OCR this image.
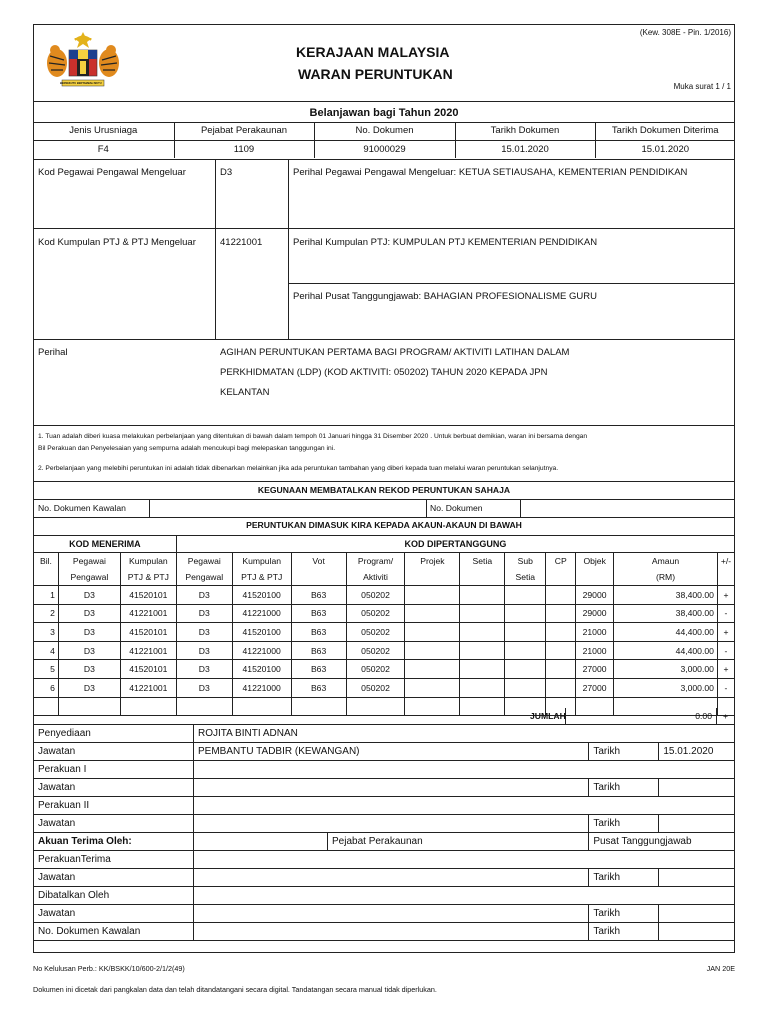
BERSEKUTU BERTAMBAH MUTU
(Kew. 308E - Pin. 1/2016)
KERAJAAN MALAYSIA
WARAN PERUNTUKAN
Muka surat 1 / 1
Belanjawan bagi Tahun 2020
Jenis Urusniaga	Pejabat Perakaunan	No. Dokumen	Tarikh Dokumen	Tarikh Dokumen Diterima
F4	1109	91000029	15.01.2020	15.01.2020
Kod Pegawai Pengawal Mengeluar	D3	Perihal Pegawai Pengawal Mengeluar: KETUA SETIAUSAHA, KEMENTERIAN PENDIDIKAN
Kod Kumpulan PTJ & PTJ Mengeluar	41221001	Perihal Kumpulan PTJ: KUMPULAN PTJ KEMENTERIAN PENDIDIKAN
Perihal Pusat Tanggungjawab: BAHAGIAN PROFESIONALISME GURU
Perihal	AGIHAN PERUNTUKAN PERTAMA BAGI PROGRAM/ AKTIVITI LATIHAN DALAM
PERKHIDMATAN (LDP) (KOD AKTIVITI: 050202) TAHUN 2020 KEPADA JPN
KELANTAN
1. Tuan adalah diberi kuasa melakukan perbelanjaan yang ditentukan di bawah dalam tempoh 01 Januari hingga 31 Disember 2020 . Untuk berbuat demikian, waran ini bersama dengan
Bil Perakuan dan Penyelesaian yang sempurna adalah mencukupi bagi melepaskan tanggungan ini.
2. Perbelanjaan yang melebihi peruntukan ini adalah tidak dibenarkan melainkan jika ada peruntukan tambahan yang diberi kepada tuan melalui waran peruntukan selanjutnya.
KEGUNAAN MEMBATALKAN REKOD PERUNTUKAN SAHAJA
No. Dokumen Kawalan	No. Dokumen
PERUNTUKAN DIMASUK KIRA KEPADA AKAUN-AKAUN DI BAWAH
KOD MENERIMA			KOD DIPERTANGGUNG										
Bil.	Pegawai	Kumpulan	Pegawai	Kumpulan	Vot	Program/	Projek	Setia	Sub	CP	Objek	Amaun	+/-
	Pengawal	PTJ & PTJ	Pengawal	PTJ & PTJ		Aktiviti			Setia			(RM)	
1	D3	41520101	D3	41520100	B63	050202					29000	38,400.00	+
2	D3	41221001	D3	41221000	B63	050202					29000	38,400.00	-
3	D3	41520101	D3	41520100	B63	050202					21000	44,400.00	+
4	D3	41221001	D3	41221000	B63	050202					21000	44,400.00	-
5	D3	41520101	D3	41520100	B63	050202					27000	3,000.00	+
6	D3	41221001	D3	41221000	B63	050202					27000	3,000.00	-

JUMLAH	0.00	+
Penyediaan	ROJITA BINTI ADNAN			
Jawatan	PEMBANTU TADBIR (KEWANGAN)		Tarikh	15.01.2020
Perakuan I				
Jawatan			Tarikh	
Perakuan II				
Jawatan			Tarikh	
Akuan Terima Oleh:		Pejabat Perakaunan	Pusat Tanggungjawab	
PerakuanTerima				
Jawatan			Tarikh	
Dibatalkan Oleh				
Jawatan			Tarikh	
No. Dokumen Kawalan			Tarikh	
No Kelulusan Perb.: KK/BSKK/10/600-2/1/2(49)	JAN 20E
Dokumen ini dicetak dari pangkalan data dan telah ditandatangani secara digital. Tandatangan secara manual tidak diperlukan.
